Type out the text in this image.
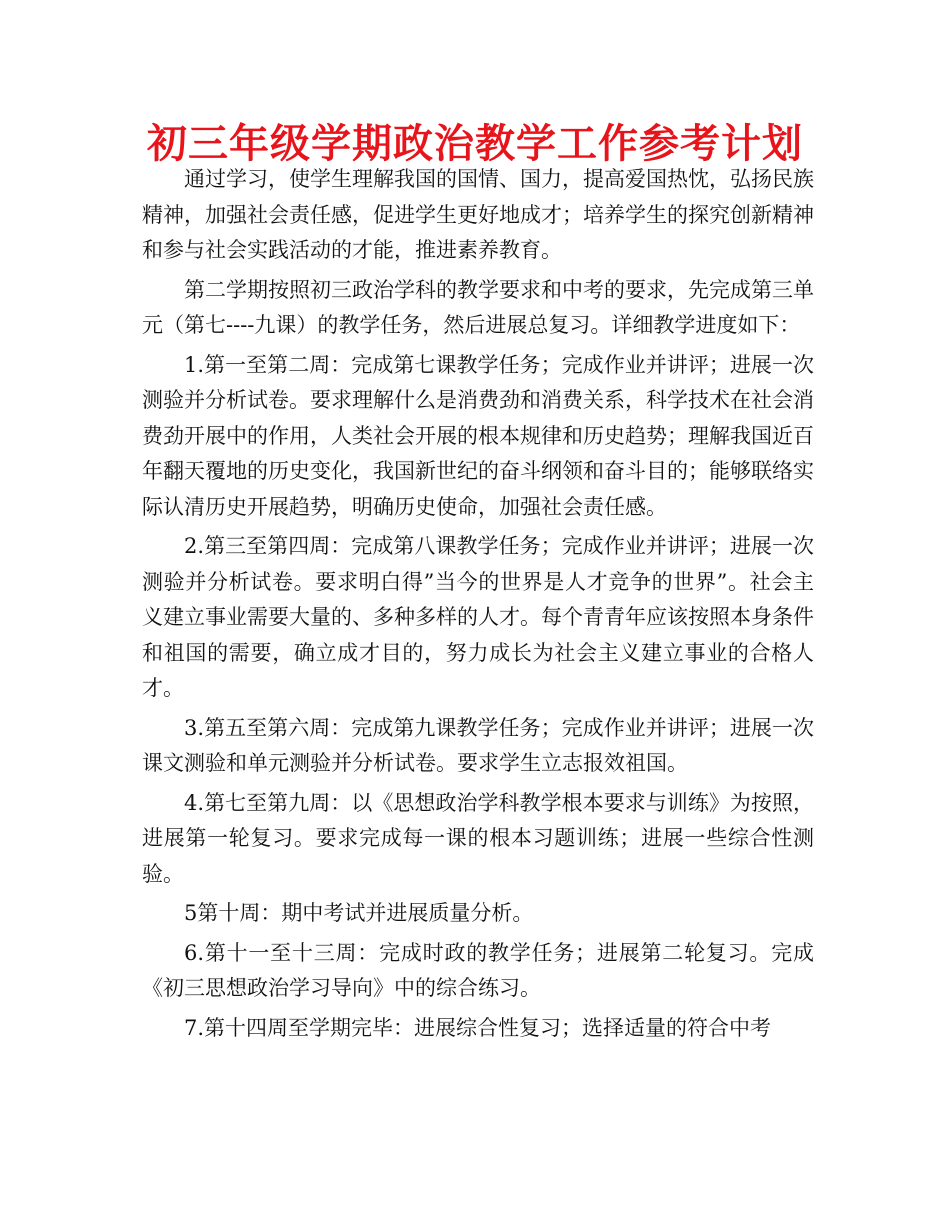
初三年级学期政治教学工作参考计划

通过学习，使学生理解我国的国情、国力，提高爱国热忱，弘扬民族精神，加强社会责任感，促进学生更好地成才；培养学生的探究创新精神和参与社会实践活动的才能，推进素养教育。

第二学期按照初三政治学科的教学要求和中考的要求，先完成第三单元（第七----九课）的教学任务，然后进展总复习。详细教学进度如下：

1.第一至第二周：完成第七课教学任务；完成作业并讲评；进展一次测验并分析试卷。要求理解什么是消费劲和消费关系，科学技术在社会消费劲开展中的作用，人类社会开展的根本规律和历史趋势；理解我国近百年翻天覆地的历史变化，我国新世纪的奋斗纲领和奋斗目的；能够联络实际认清历史开展趋势，明确历史使命，加强社会责任感。

2.第三至第四周：完成第八课教学任务；完成作业并讲评；进展一次测验并分析试卷。要求明白得”当今的世界是人才竞争的世界”。社会主义建立事业需要大量的、多种多样的人才。每个青青年应该按照本身条件和祖国的需要，确立成才目的，努力成长为社会主义建立事业的合格人才。

3.第五至第六周：完成第九课教学任务；完成作业并讲评；进展一次课文测验和单元测验并分析试卷。要求学生立志报效祖国。

4.第七至第九周：以《思想政治学科教学根本要求与训练》为按照，进展第一轮复习。要求完成每一课的根本习题训练；进展一些综合性测验。

5第十周：期中考试并进展质量分析。

6.第十一至十三周：完成时政的教学任务；进展第二轮复习。完成《初三思想政治学习导向》中的综合练习。

7.第十四周至学期完毕：进展综合性复习；选择适量的符合中考
